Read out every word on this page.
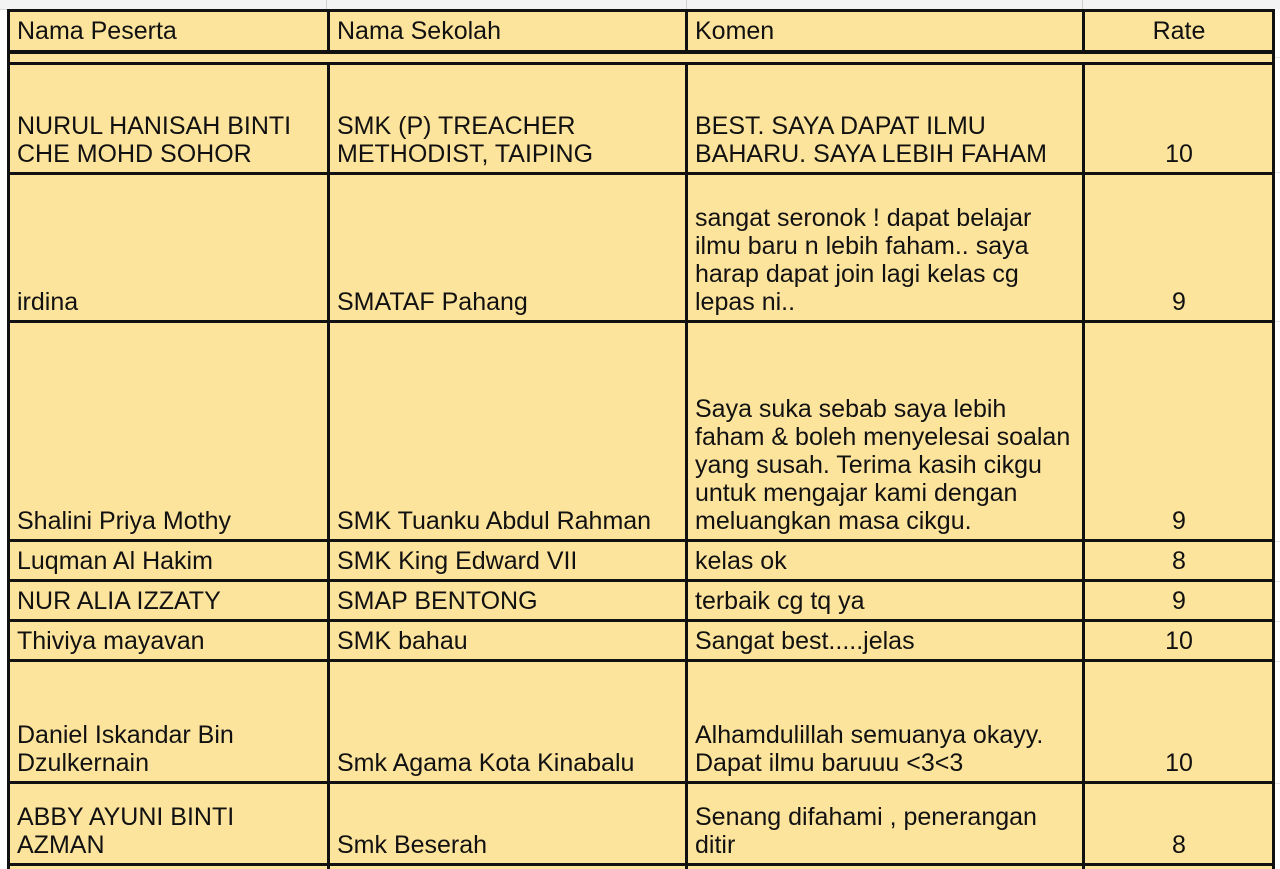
Nama Peserta	Nama Sekolah	Komen	Rate

NURUL HANISAH BINTI CHE MOHD SOHOR	SMK (P) TREACHER METHODIST, TAIPING	BEST. SAYA DAPAT ILMU BAHARU. SAYA LEBIH FAHAM	10
irdina	SMATAF Pahang	sangat seronok ! dapat belajar ilmu baru n lebih faham.. saya harap dapat join lagi kelas cg lepas ni..	9
Shalini Priya Mothy	SMK Tuanku Abdul Rahman	Saya suka sebab saya lebih faham & boleh menyelesai soalan yang susah. Terima kasih cikgu untuk mengajar kami dengan meluangkan masa cikgu.	9
Luqman Al Hakim	SMK King Edward VII	kelas ok	8
NUR ALIA IZZATY	SMAP BENTONG	terbaik cg tq ya	9
Thiviya mayavan	SMK bahau	Sangat best.....jelas	10
Daniel Iskandar Bin Dzulkernain	Smk Agama Kota Kinabalu	Alhamdulillah semuanya okayy. Dapat ilmu baruuu <3<3	10
ABBY AYUNI BINTI AZMAN	Smk Beserah	Senang difahami , penerangan ditir	8
